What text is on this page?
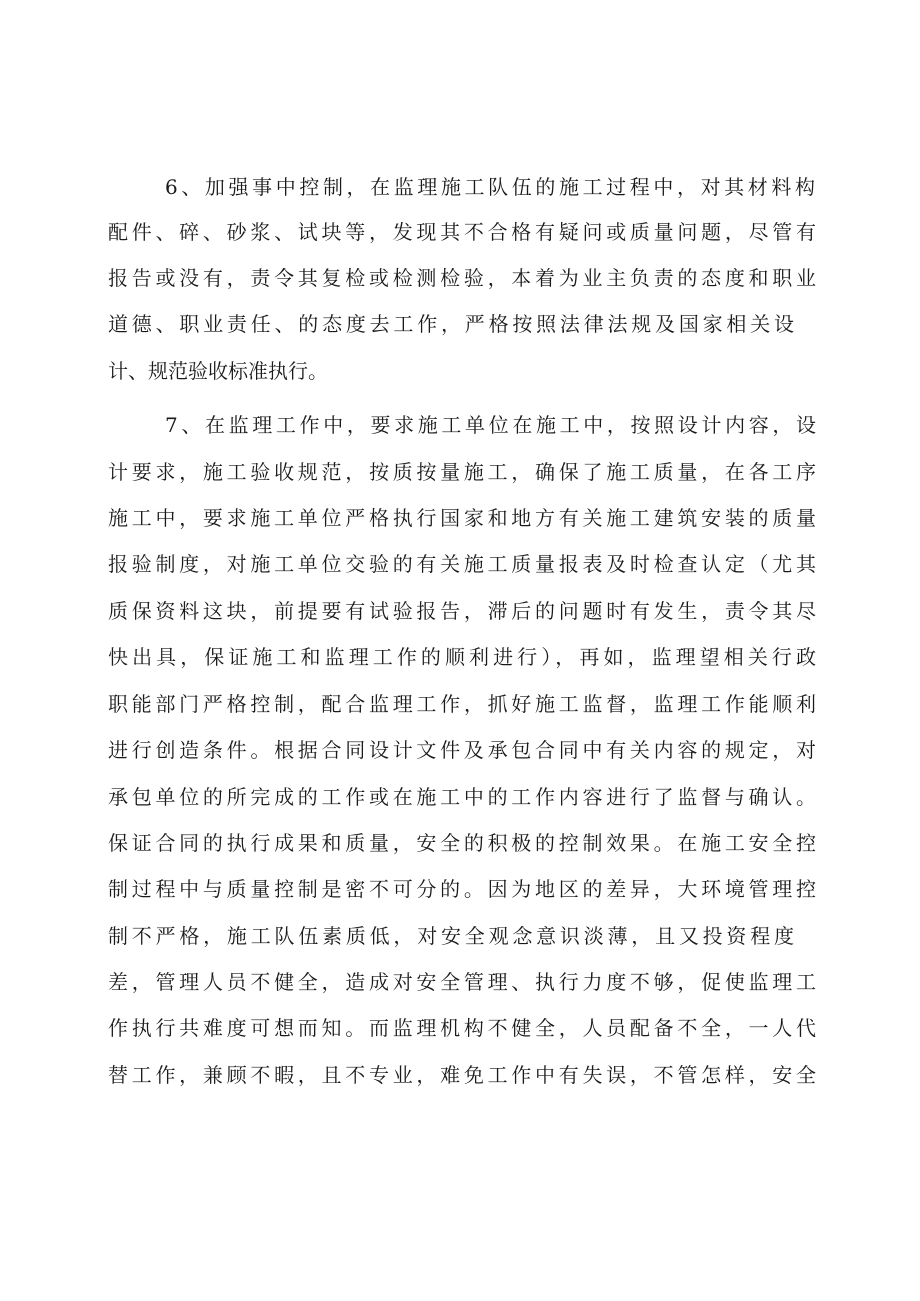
6、加强事中控制，在监理施工队伍的施工过程中，对其材料构
配件、碎、砂浆、试块等，发现其不合格有疑问或质量问题，尽管有
报告或没有，责令其复检或检测检验，本着为业主负责的态度和职业
道德、职业责任、的态度去工作，严格按照法律法规及国家相关设
计、规范验收标准执行。
7、在监理工作中，要求施工单位在施工中，按照设计内容，设
计要求，施工验收规范，按质按量施工，确保了施工质量，在各工序
施工中，要求施工单位严格执行国家和地方有关施工建筑安装的质量
报验制度，对施工单位交验的有关施工质量报表及时检查认定（尤其
质保资料这块，前提要有试验报告，滞后的问题时有发生，责令其尽
快出具，保证施工和监理工作的顺利进行），再如，监理望相关行政
职能部门严格控制，配合监理工作，抓好施工监督，监理工作能顺利
进行创造条件。根据合同设计文件及承包合同中有关内容的规定，对
承包单位的所完成的工作或在施工中的工作内容进行了监督与确认。
保证合同的执行成果和质量，安全的积极的控制效果。在施工安全控
制过程中与质量控制是密不可分的。因为地区的差异，大环境管理控
制不严格，施工队伍素质低，对安全观念意识淡薄，且又投资程度
差，管理人员不健全，造成对安全管理、执行力度不够，促使监理工
作执行共难度可想而知。而监理机构不健全，人员配备不全，一人代
替工作，兼顾不暇，且不专业，难免工作中有失误，不管怎样，安全
